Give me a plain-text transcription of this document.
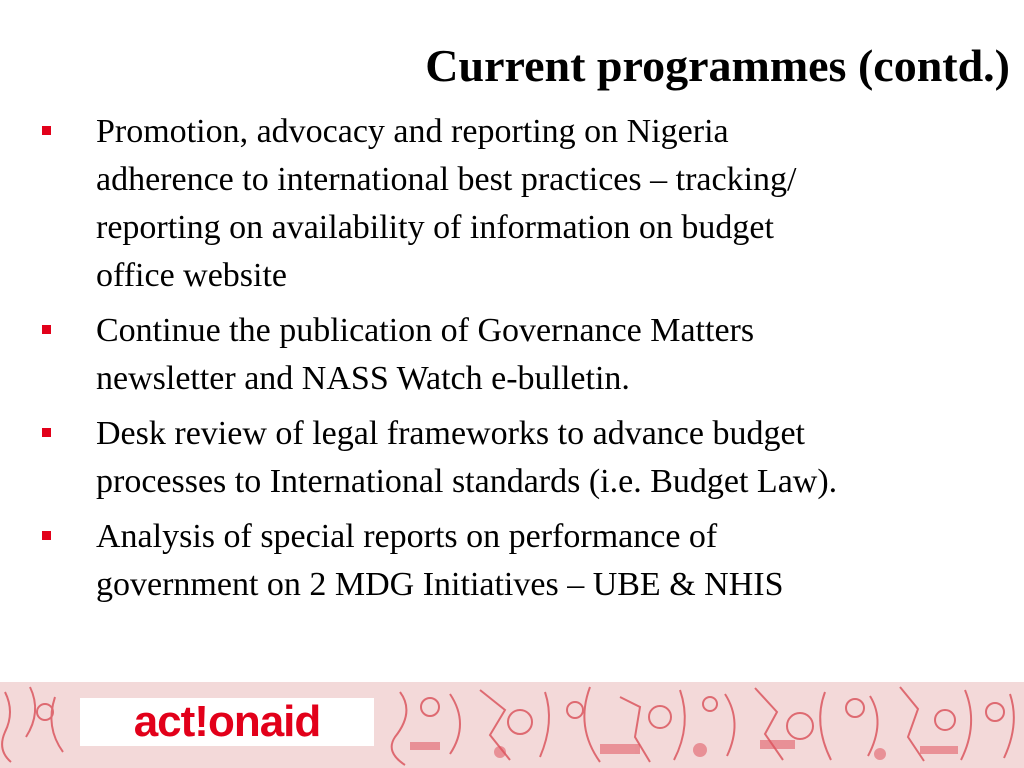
Current programmes (contd.)
Promotion, advocacy and reporting on Nigeria
adherence to international best practices – tracking/
reporting on availability of information on budget
office website
Continue the publication of Governance Matters
newsletter and NASS Watch e-bulletin.
Desk review of legal frameworks to advance budget
processes to International standards (i.e. Budget Law).
Analysis of special reports on performance of
government on 2 MDG Initiatives – UBE & NHIS
act!onaid
